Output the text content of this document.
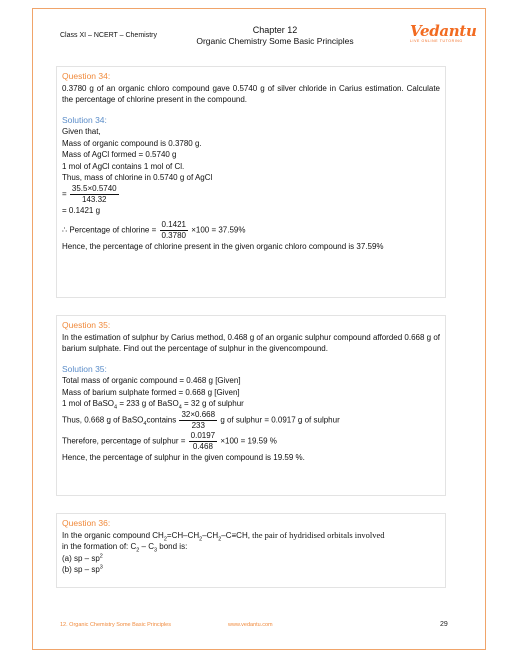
Class XI – NCERT – Chemistry
Chapter 12
Organic Chemistry Some Basic Principles
Vedantu
LIVE ONLINE TUTORING
Question 34:
0.3780 g of an organic chloro compound gave 0.5740 g of silver chloride in Carius estimation. Calculate the percentage of chlorine present in the compound.
Solution 34:
Given that,
Mass of organic compound is 0.3780 g.
Mass of AgCl formed = 0.5740 g
1 mol of AgCl contains 1 mol of Cl.
Thus, mass of chlorine in 0.5740 g of AgCl
= $\frac{35.5\times 0.5740}{143.32}$
= 0.1421 g
∴ Percentage of chlorine = $\frac{0.1421}{0.3780} \times 100 = 37.59\%$
Hence, the percentage of chlorine present in the given organic chloro compound is 37.59%
Question 35:
In the estimation of sulphur by Carius method, 0.468 g of an organic sulphur compound afforded 0.668 g of barium sulphate. Find out the percentage of sulphur in the givencompound.
Solution 35:
Total mass of organic compound = 0.468 g [Given]
Mass of barium sulphate formed = 0.668 g [Given]
1 mol of BaSO$_4$ = 233 g of BaSO$_4$ = 32 g of sulphur
Thus, 0.668 g of BaSO$_4$contains $\frac{32\times 0.668}{233}$ g of sulphur = 0.0917 g of sulphur
Therefore, percentage of sulphur = $\frac{0.0197}{0.468} \times 100 = 19.59$ %
Hence, the percentage of sulphur in the given compound is 19.59 %.
Question 36:
In the organic compound $CH_2=CH-CH_2-CH_2-C\equiv CH$, the pair of hydridised orbitals involved
in the formation of: $C_2 - C_3$ bond is:
(a) sp – $sp^2$
(b) sp – $sp^3$
12. Organic Chemistry Some Basic Principles	www.vedantu.com	29
